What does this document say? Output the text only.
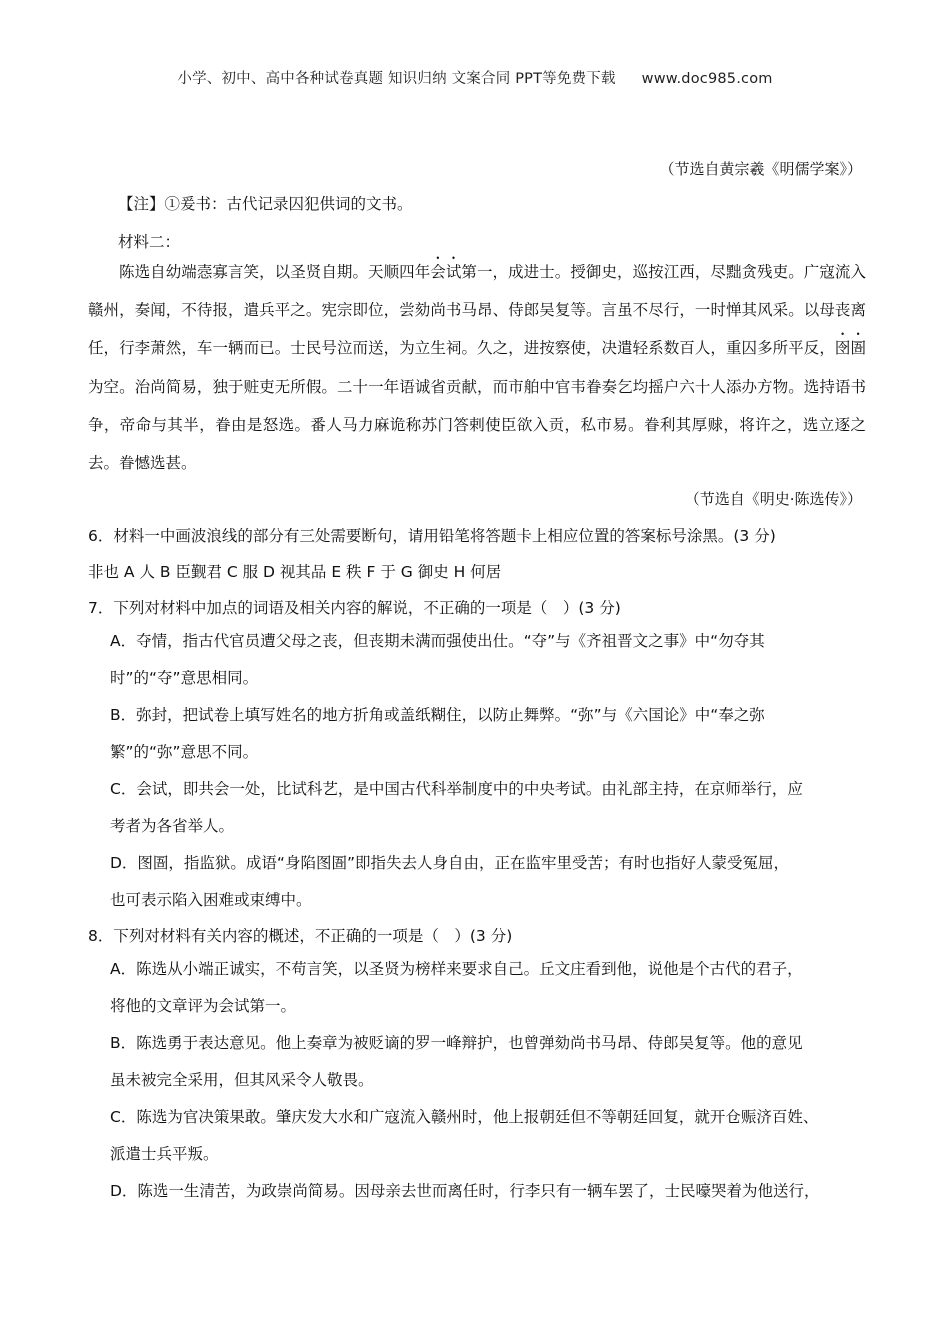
小学、初中、高中各种试卷真题 知识归纳 文案合同 PPT等免费下载 www.doc985.com
（节选自黄宗羲《明儒学案》）
【注】①爰书：古代记录囚犯供词的文书。
材料二：
陈选自幼端悫寡言笑，以圣贤自期。天顺四年会试第一，成进士。授御史，巡按江西，尽黜贪残吏。广寇流入赣州，奏闻，不待报，遣兵平之。宪宗即位，尝劾尚书马昂、侍郎吴复等。言虽不尽行，一时惮其风采。以母丧离任，行李萧然，车一辆而已。士民号泣而送，为立生祠。久之，进按察使，决遣轻系数百人，重囚多所平反，囹圄为空。治尚简易，独于赃吏无所假。二十一年语诚省贡献，而市舶中官韦眷奏乞均摇户六十人添办方物。选持语书争，帝命与其半，眷由是怒选。番人马力麻诡称苏门答剌使臣欲入贡，私市易。眷利其厚赇，将许之，选立逐之去。眷憾选甚。
（节选自《明史·陈选传》）
6．材料一中画波浪线的部分有三处需要断句，请用铅笔将答题卡上相应位置的答案标号涂黑。(3 分)
非也 A 人 B 臣觐君 C 服 D 视其品 E 秩 F 于 G 御史 H 何居
7．下列对材料中加点的词语及相关内容的解说，不正确的一项是（　）(3 分)
A．夺情，指古代官员遭父母之丧，但丧期未满而强使出仕。“夺”与《齐祖晋文之事》中“勿夺其
时”的“夺”意思相同。
B．弥封，把试卷上填写姓名的地方折角或盖纸糊住，以防止舞弊。“弥”与《六国论》中“奉之弥
繁”的“弥”意思不同。
C．会试，即共会一处，比试科艺，是中国古代科举制度中的中央考试。由礼部主持，在京师举行，应
考者为各省举人。
D．图圄，指监狱。成语“身陷图圄”即指失去人身自由，正在监牢里受苦；有时也指好人蒙受冤屈，
也可表示陷入困难或束缚中。
8．下列对材料有关内容的概述，不正确的一项是（　）(3 分)
A．陈选从小端正诚实，不苟言笑，以圣贤为榜样来要求自己。丘文庄看到他，说他是个古代的君子，
将他的文章评为会试第一。
B．陈选勇于表达意见。他上奏章为被贬谪的罗一峰辩护，也曾弹劾尚书马昂、侍郎吴复等。他的意见
虽未被完全采用，但其风采令人敬畏。
C．陈选为官决策果敢。肇庆发大水和广寇流入赣州时，他上报朝廷但不等朝廷回复，就开仓赈济百姓、
派遣士兵平叛。
D．陈选一生清苦，为政崇尚简易。因母亲去世而离任时，行李只有一辆车罢了，士民嚎哭着为他送行，
